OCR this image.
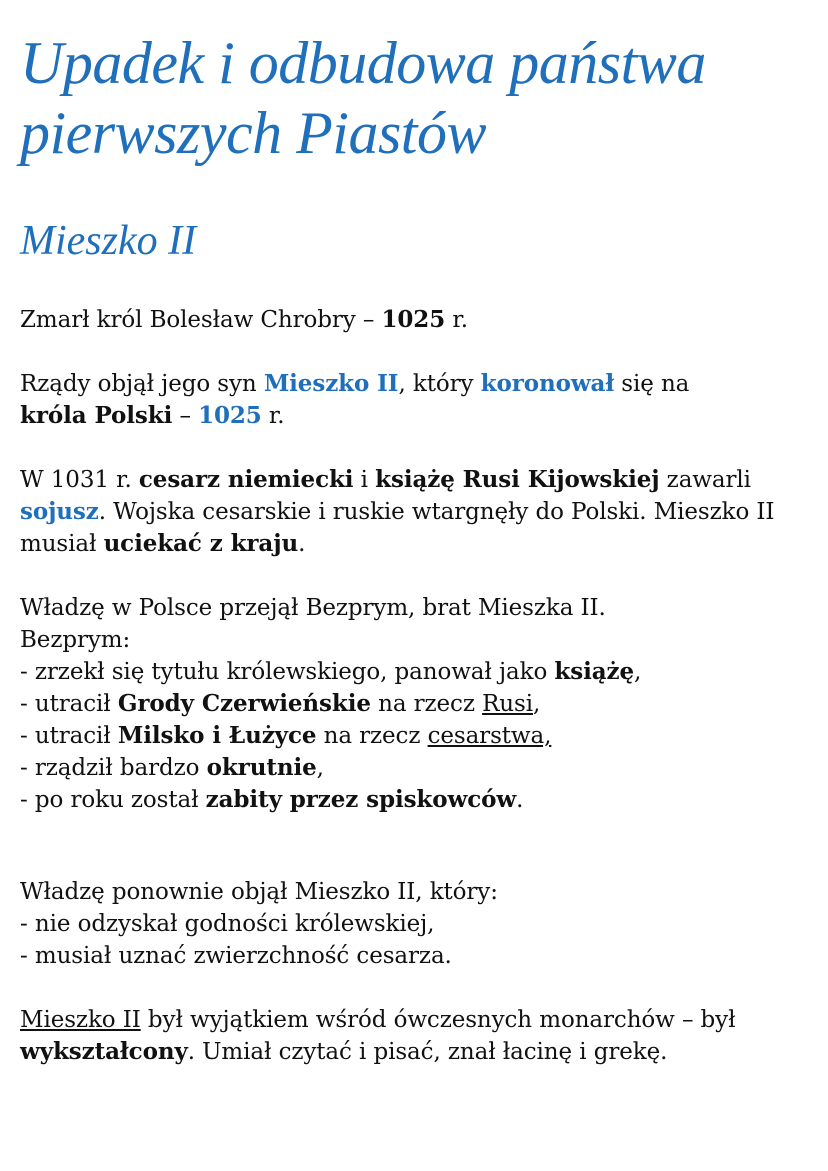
Upadek i odbudowa państwa pierwszych Piastów
Mieszko II

Zmarł król Bolesław Chrobry – 1025 r.

Rządy objął jego syn Mieszko II, który koronował się na
króla Polski – 1025 r.

W 1031 r. cesarz niemiecki i książę Rusi Kijowskiej zawarli sojusz. Wojska cesarskie i ruskie wtargnęły do Polski. Mieszko II musiał uciekać z kraju.

Władzę w Polsce przejął Bezprym, brat Mieszka II.

Bezprym:

- zrzekł się tytułu królewskiego, panował jako książę,

- utracił Grody Czerwieńskie na rzecz Rusi,

- utracił Milsko i Łużyce na rzecz cesarstwa,

- rządził bardzo okrutnie,

- po roku został zabity przez spiskowców.

Władzę ponownie objął Mieszko II, który:

- nie odzyskał godności królewskiej,

- musiał uznać zwierzchność cesarza.

Mieszko II był wyjątkiem wśród ówczesnych monarchów – był wykształcony. Umiał czytać i pisać, znał łacinę i grekę.
